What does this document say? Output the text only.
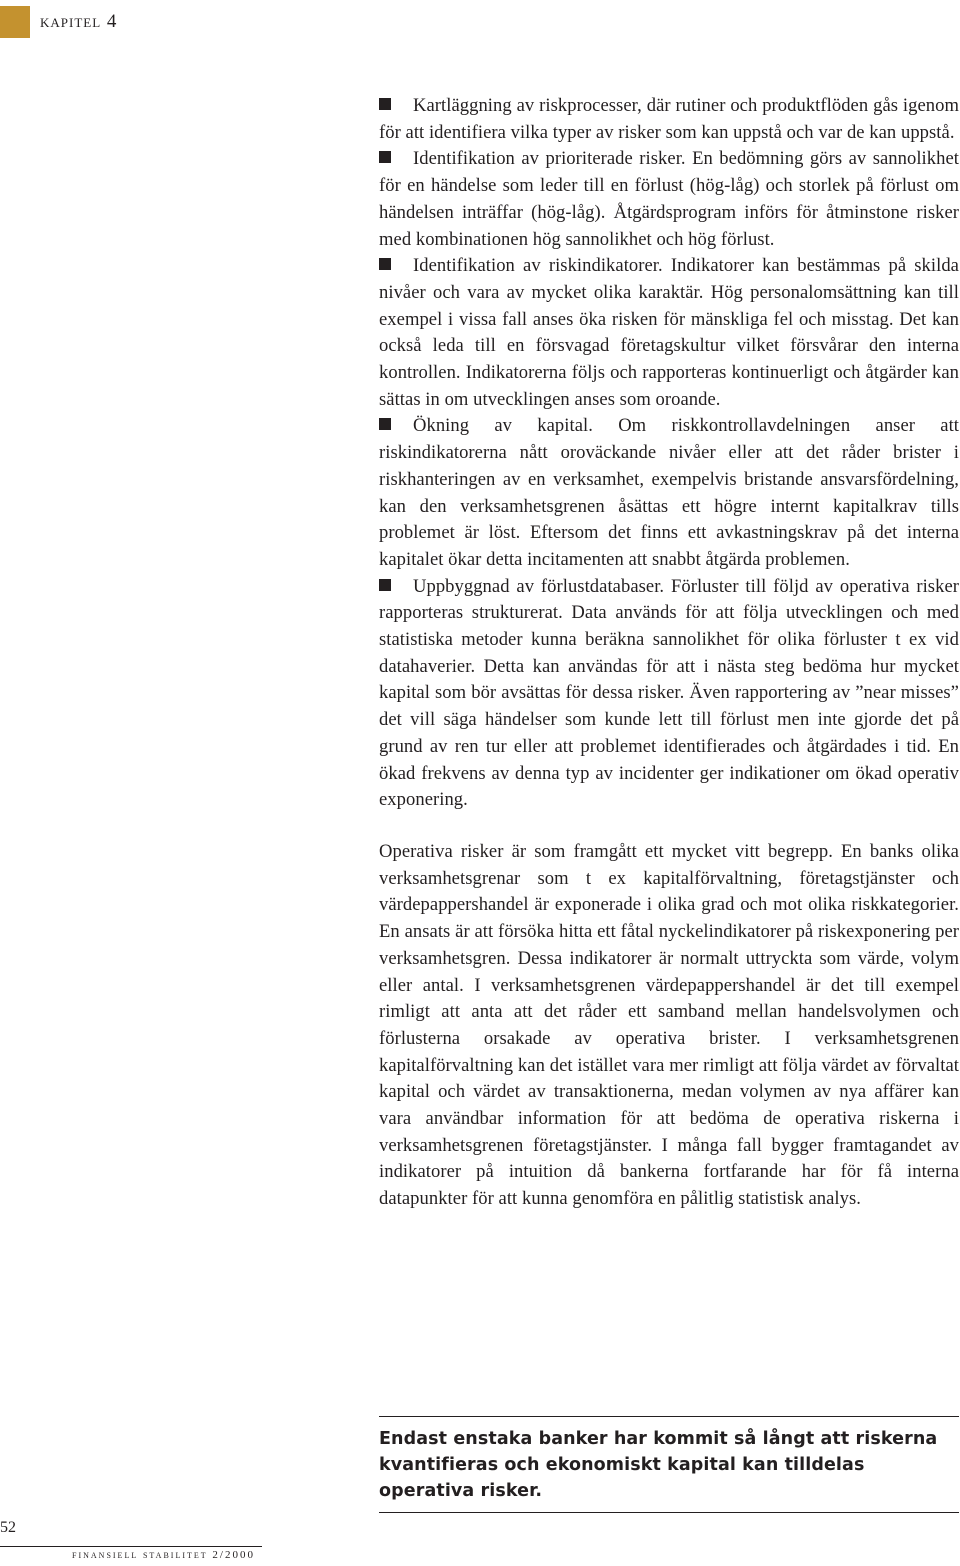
kapitel 4

Kartläggning av riskprocesser, där rutiner och produktflöden gås igenom för att identifiera vilka typer av risker som kan uppstå och var de kan uppstå.

Identifikation av prioriterade risker. En bedömning görs av sannolikhet för en händelse som leder till en förlust (hög-låg) och storlek på förlust om händelsen inträffar (hög-låg). Åtgärdsprogram införs för åtminstone risker med kombinationen hög sannolikhet och hög förlust.

Identifikation av riskindikatorer. Indikatorer kan bestämmas på skilda nivåer och vara av mycket olika karaktär. Hög personalomsättning kan till exempel i vissa fall anses öka risken för mänskliga fel och misstag. Det kan också leda till en försvagad företagskultur vilket försvårar den interna kontrollen. Indikatorerna följs och rapporteras kontinuerligt och åtgärder kan sättas in om utvecklingen anses som oroande.

Ökning av kapital. Om riskkontrollavdelningen anser att riskindikatorerna nått oroväckande nivåer eller att det råder brister i riskhanteringen av en verksamhet, exempelvis bristande ansvarsfördelning, kan den verksamhetsgrenen åsättas ett högre internt kapitalkrav tills problemet är löst. Eftersom det finns ett avkastningskrav på det interna kapitalet ökar detta incitamenten att snabbt åtgärda problemen.

Uppbyggnad av förlustdatabaser. Förluster till följd av operativa risker rapporteras strukturerat. Data används för att följa utvecklingen och med statistiska metoder kunna beräkna sannolikhet för olika förluster t ex vid datahaverier. Detta kan användas för att i nästa steg bedöma hur mycket kapital som bör avsättas för dessa risker. Även rapportering av ”near misses” det vill säga händelser som kunde lett till förlust men inte gjorde det på grund av ren tur eller att problemet identifierades och åtgärdades i tid. En ökad frekvens av denna typ av incidenter ger indikationer om ökad operativ exponering.

Operativa risker är som framgått ett mycket vitt begrepp. En banks olika verksamhetsgrenar som t ex kapitalförvaltning, företagstjänster och värdepappershandel är exponerade i olika grad och mot olika riskkategorier. En ansats är att försöka hitta ett fåtal nyckelindikatorer på riskexponering per verksamhetsgren. Dessa indikatorer är normalt uttryckta som värde, volym eller antal. I verksamhetsgrenen värdepappershandel är det till exempel rimligt att anta att det råder ett samband mellan handelsvolymen och förlusterna orsakade av operativa brister. I verksamhetsgrenen kapitalförvaltning kan det istället vara mer rimligt att följa värdet av förvaltat kapital och värdet av transaktionerna, medan volymen av nya affärer kan vara användbar information för att bedöma de operativa riskerna i verksamhetsgrenen företagstjänster. I många fall bygger framtagandet av indikatorer på intuition då bankerna fortfarande har för få interna datapunkter för att kunna genomföra en pålitlig statistisk analys.

Endast enstaka banker har kommit så långt att riskerna kvantifieras och ekonomiskt kapital kan tilldelas operativa risker.

52
finansiell stabilitet 2/2000
